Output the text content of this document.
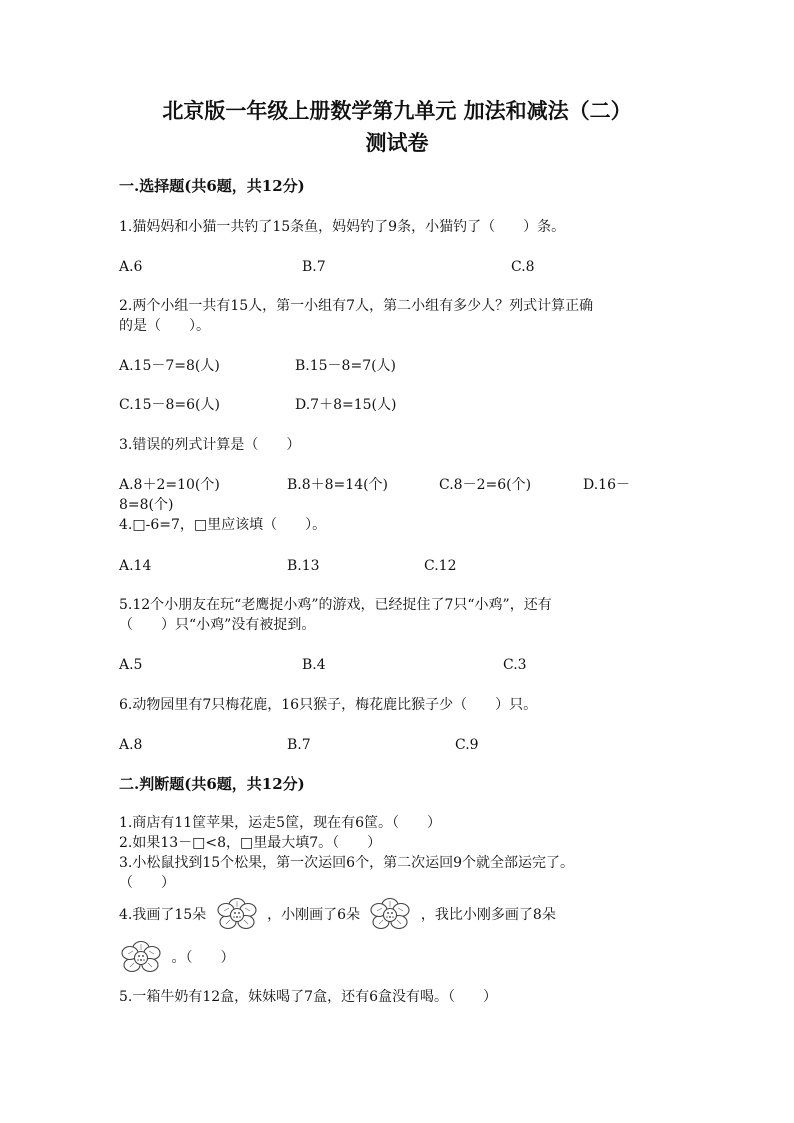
北京版一年级上册数学第九单元 加法和减法（二）
测试卷
一.选择题(共6题，共12分)
1.猫妈妈和小猫一共钓了15条鱼，妈妈钓了9条，小猫钓了（　　）条。
A.6	B.7	C.8
2.两个小组一共有15人，第一小组有7人，第二小组有多少人？列式计算正确
的是（　　）。
A.15－7=8(人)	B.15－8=7(人)
C.15－8=6(人)	D.7＋8=15(人)
3.错误的列式计算是（　　）
A.8＋2=10(个)	B.8＋8=14(个)	C.8－2=6(个)	D.16－
8=8(个)
4.□-6=7，□里应该填（　　）。
A.14	B.13	C.12
5.12个小朋友在玩“老鹰捉小鸡”的游戏，已经捉住了7只“小鸡”，还有
（　　）只“小鸡”没有被捉到。
A.5	B.4	C.3
6.动物园里有7只梅花鹿，16只猴子，梅花鹿比猴子少（　　）只。
A.8	B.7	C.9
二.判断题(共6题，共12分)
1.商店有11筐苹果，运走5筐，现在有6筐。（　　）
2.如果13－□<8，□里最大填7。（　　）
3.小松鼠找到15个松果，第一次运回6个，第二次运回9个就全部运完了。
（　　）
4.我画了15朵	，小刚画了6朵	，我比小刚多画了8朵
。（　　）
5.一箱牛奶有12盒，妹妹喝了7盒，还有6盒没有喝。（　　）
